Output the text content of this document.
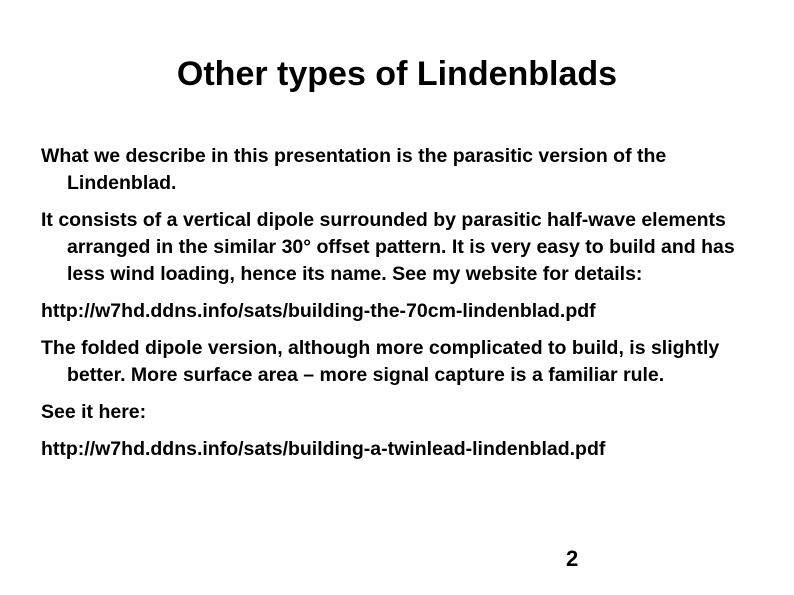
Other types of Lindenblads

What we describe in this presentation is the parasitic version of the Lindenblad.

It consists of a vertical dipole surrounded by parasitic half-wave elements arranged in the similar 30° offset pattern. It is very easy to build and has less wind loading, hence its name. See my website for details:

http://w7hd.ddns.info/sats/building-the-70cm-lindenblad.pdf

The folded dipole version, although more complicated to build, is slightly better. More surface area – more signal capture is a familiar rule.

See it here:

http://w7hd.ddns.info/sats/building-a-twinlead-lindenblad.pdf

2
